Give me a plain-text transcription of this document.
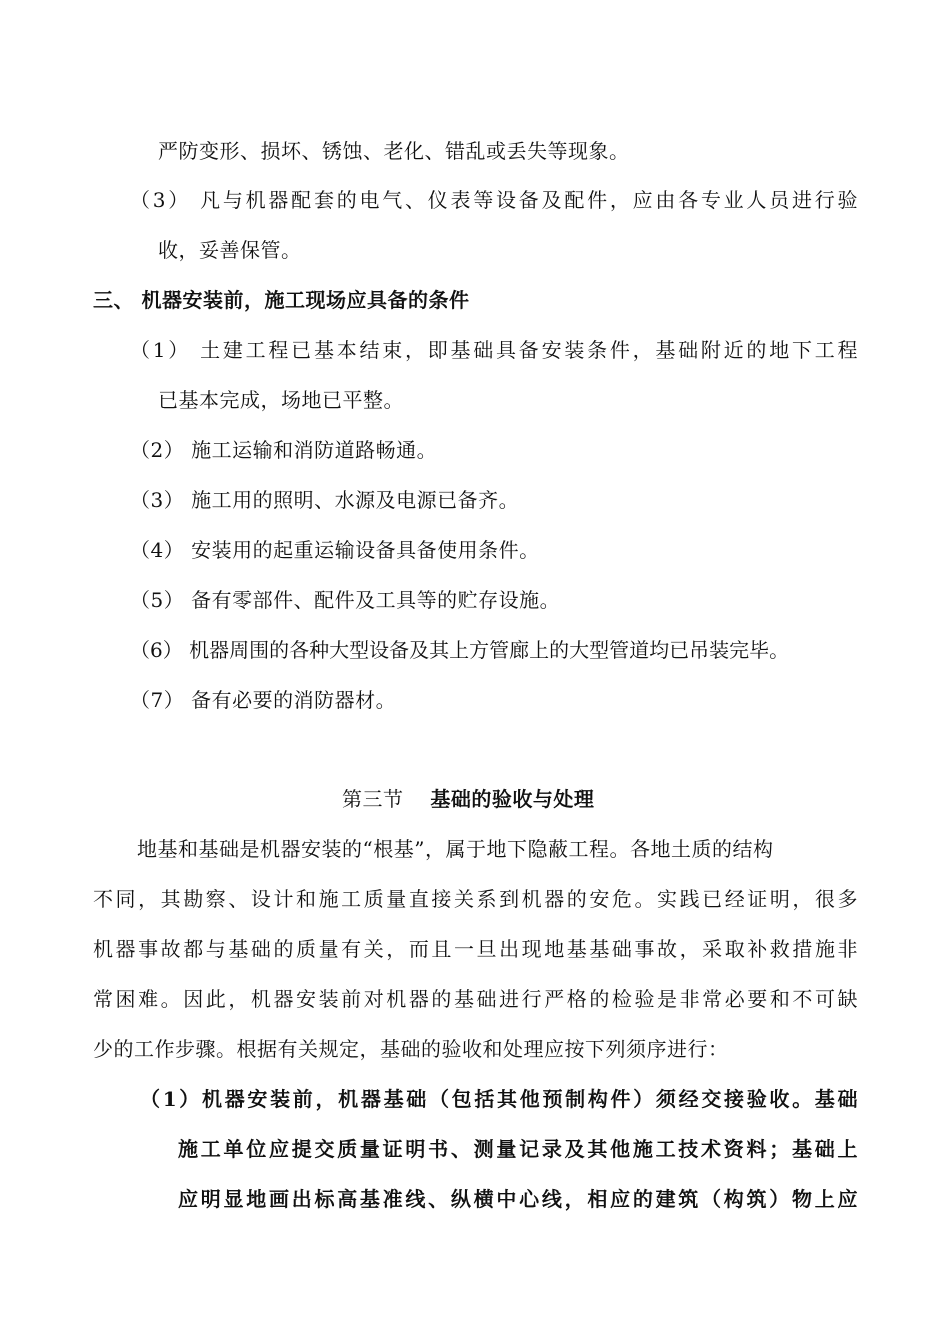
严防变形、损坏、锈蚀、老化、错乱或丢失等现象。
（3） 凡与机器配套的电气、仪表等设备及配件，应由各专业人员进行验
收，妥善保管。
三、 机器安装前，施工现场应具备的条件
（1） 土建工程已基本结束，即基础具备安装条件，基础附近的地下工程
已基本完成，场地已平整。
（2） 施工运输和消防道路畅通。
（3） 施工用的照明、水源及电源已备齐。
（4） 安装用的起重运输设备具备使用条件。
（5） 备有零部件、配件及工具等的贮存设施。
（6） 机器周围的各种大型设备及其上方管廊上的大型管道均已吊装完毕。
（7） 备有必要的消防器材。
第三节 基础的验收与处理
地基和基础是机器安装的“根基”，属于地下隐蔽工程。各地土质的结构
不同，其勘察、设计和施工质量直接关系到机器的安危。实践已经证明，很多
机器事故都与基础的质量有关，而且一旦出现地基基础事故，采取补救措施非
常困难。因此，机器安装前对机器的基础进行严格的检验是非常必要和不可缺
少的工作步骤。根据有关规定，基础的验收和处理应按下列须序进行：
（1）机器安装前，机器基础（包括其他预制构件）须经交接验收。基础
施工单位应提交质量证明书、测量记录及其他施工技术资料；基础上
应明显地画出标高基准线、纵横中心线，相应的建筑（构筑）物上应
